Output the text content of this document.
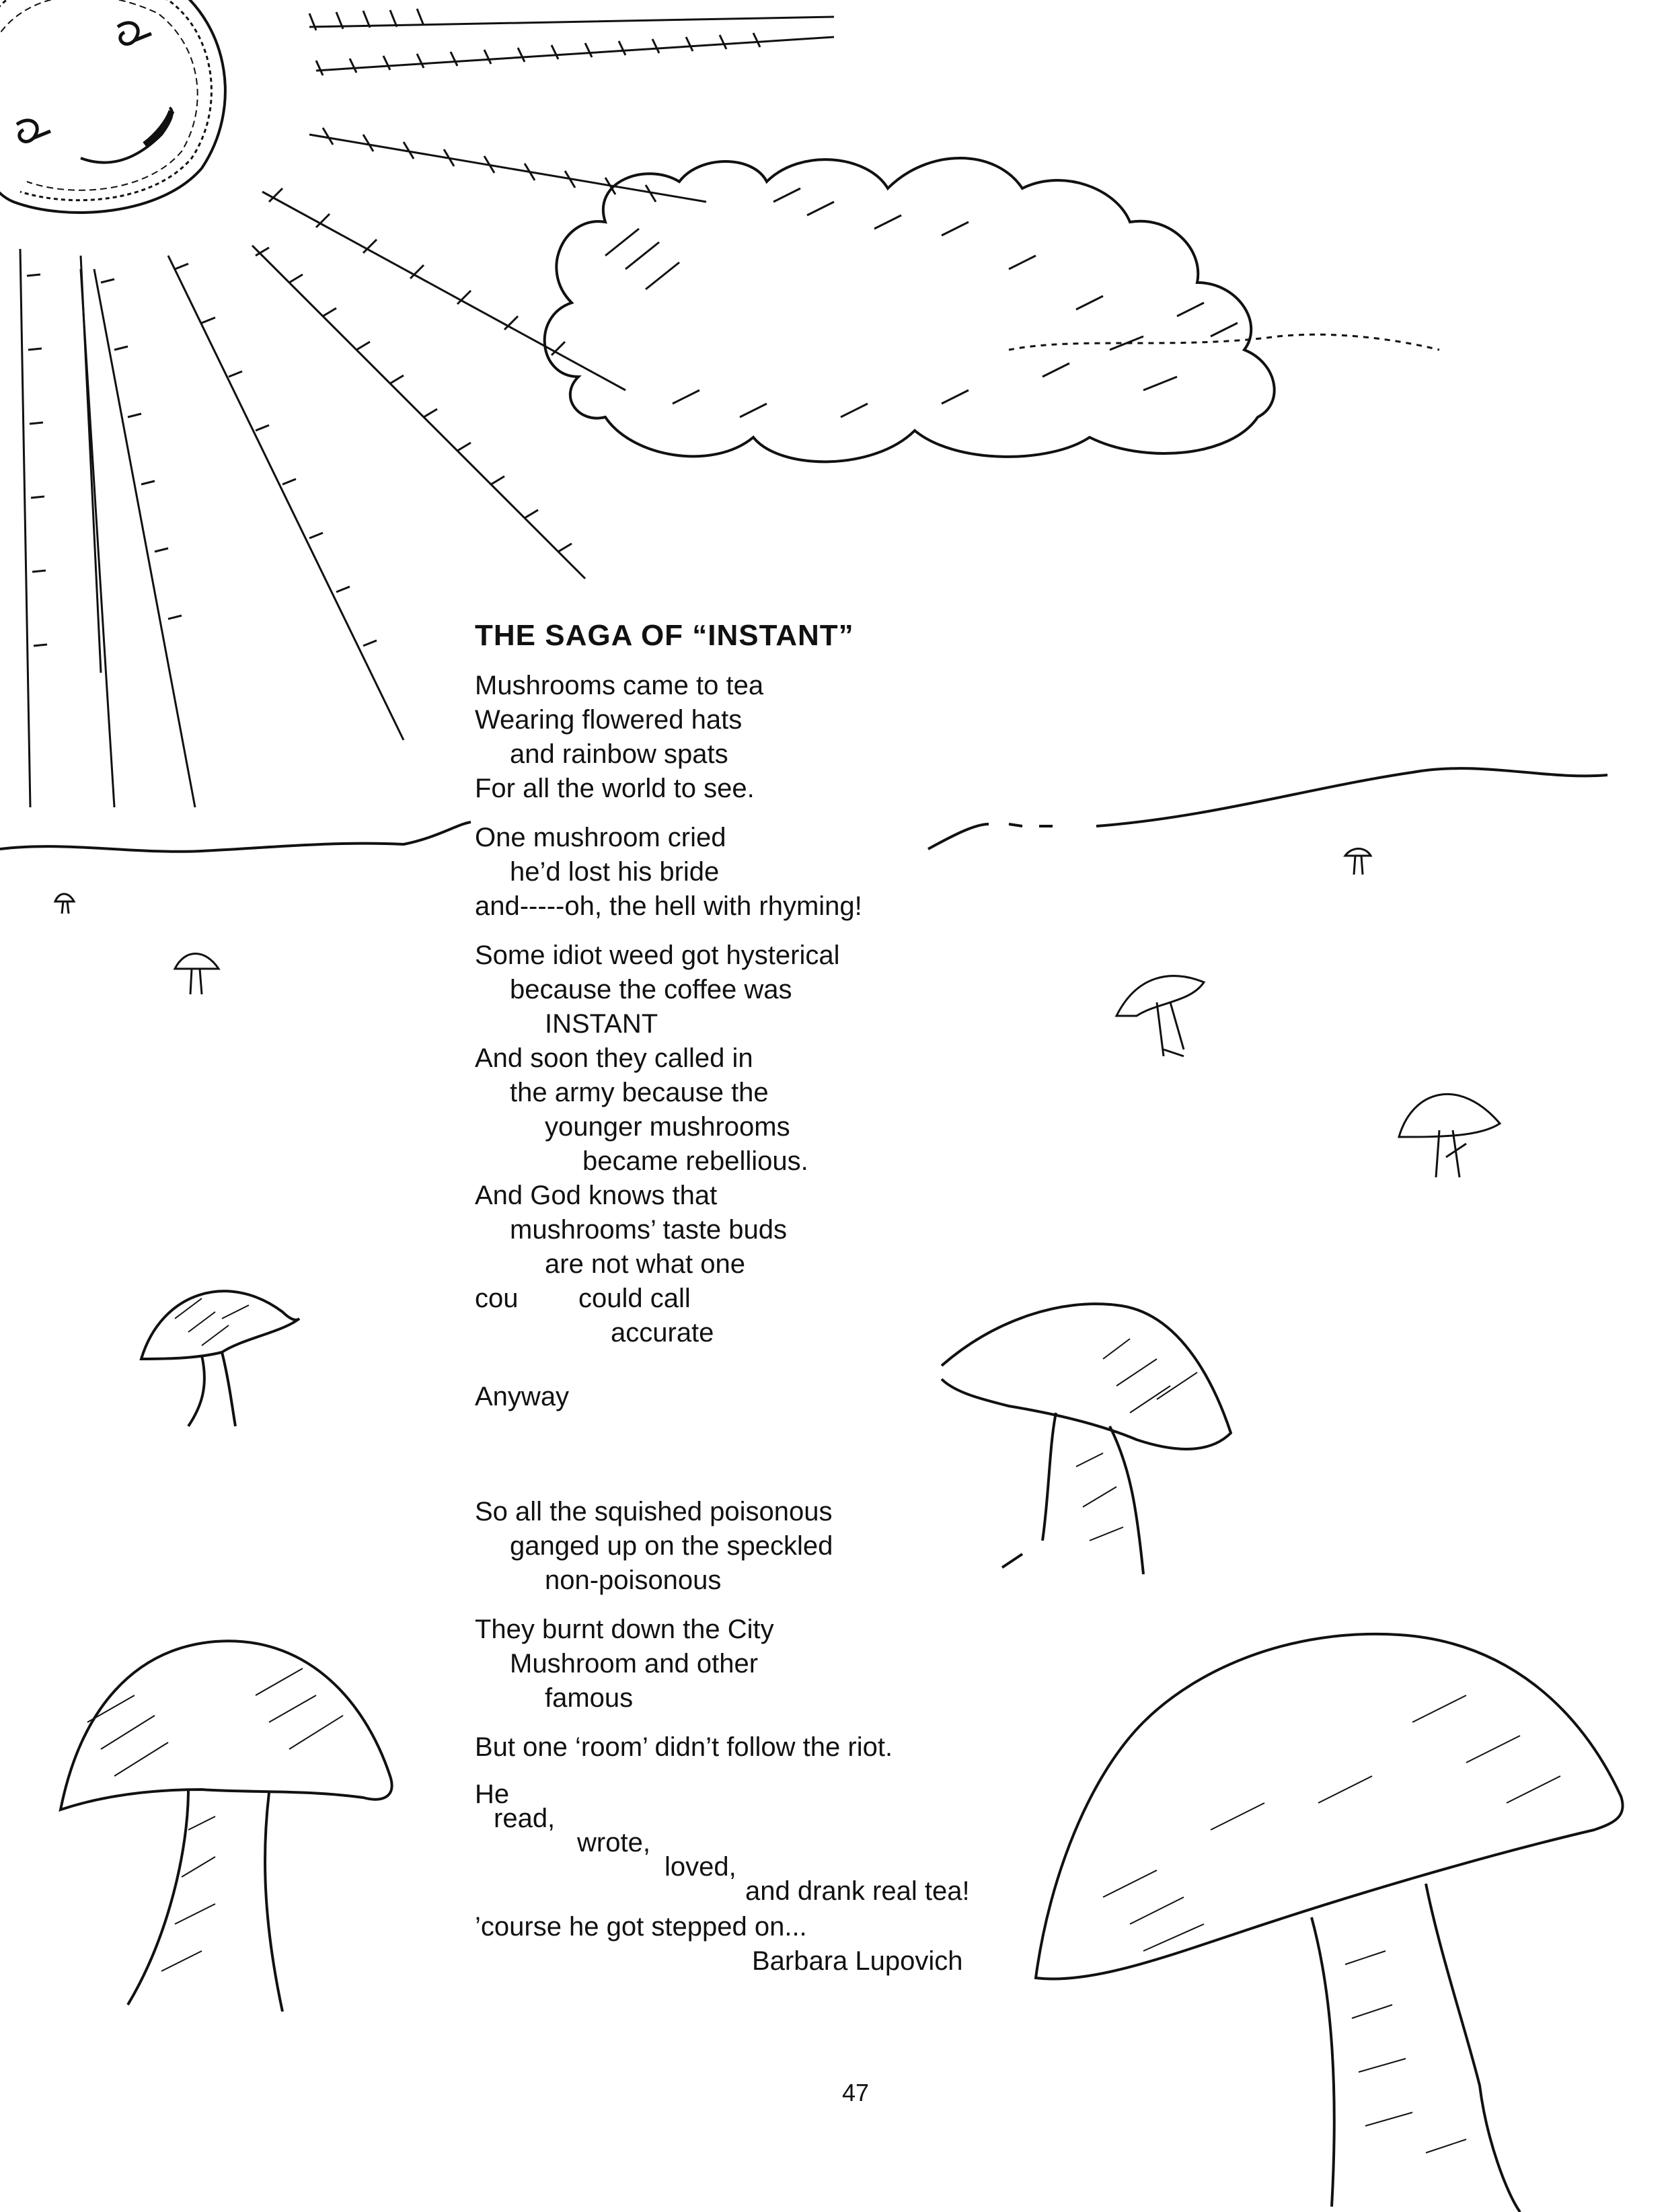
THE SAGA OF “INSTANT”
Mushrooms came to tea
Wearing flowered hats
and rainbow spats
For all the world to see.
One mushroom cried
he’d lost his bride
and-----oh, the hell with rhyming!
Some idiot weed got hysterical
because the coffee was
INSTANT
And soon they called in
the army because the
younger mushrooms
became rebellious.
And God knows that
mushrooms’ taste buds
are not what one
cou	could call
accurate
Anyway
So all the squished poisonous
ganged up on the speckled
non-poisonous
They burnt down the City
Mushroom and other
famous
But one ‘room’ didn’t follow the riot.
He
read,
wrote,
loved,
and drank real tea!
’course he got stepped on...
Barbara Lupovich
47
